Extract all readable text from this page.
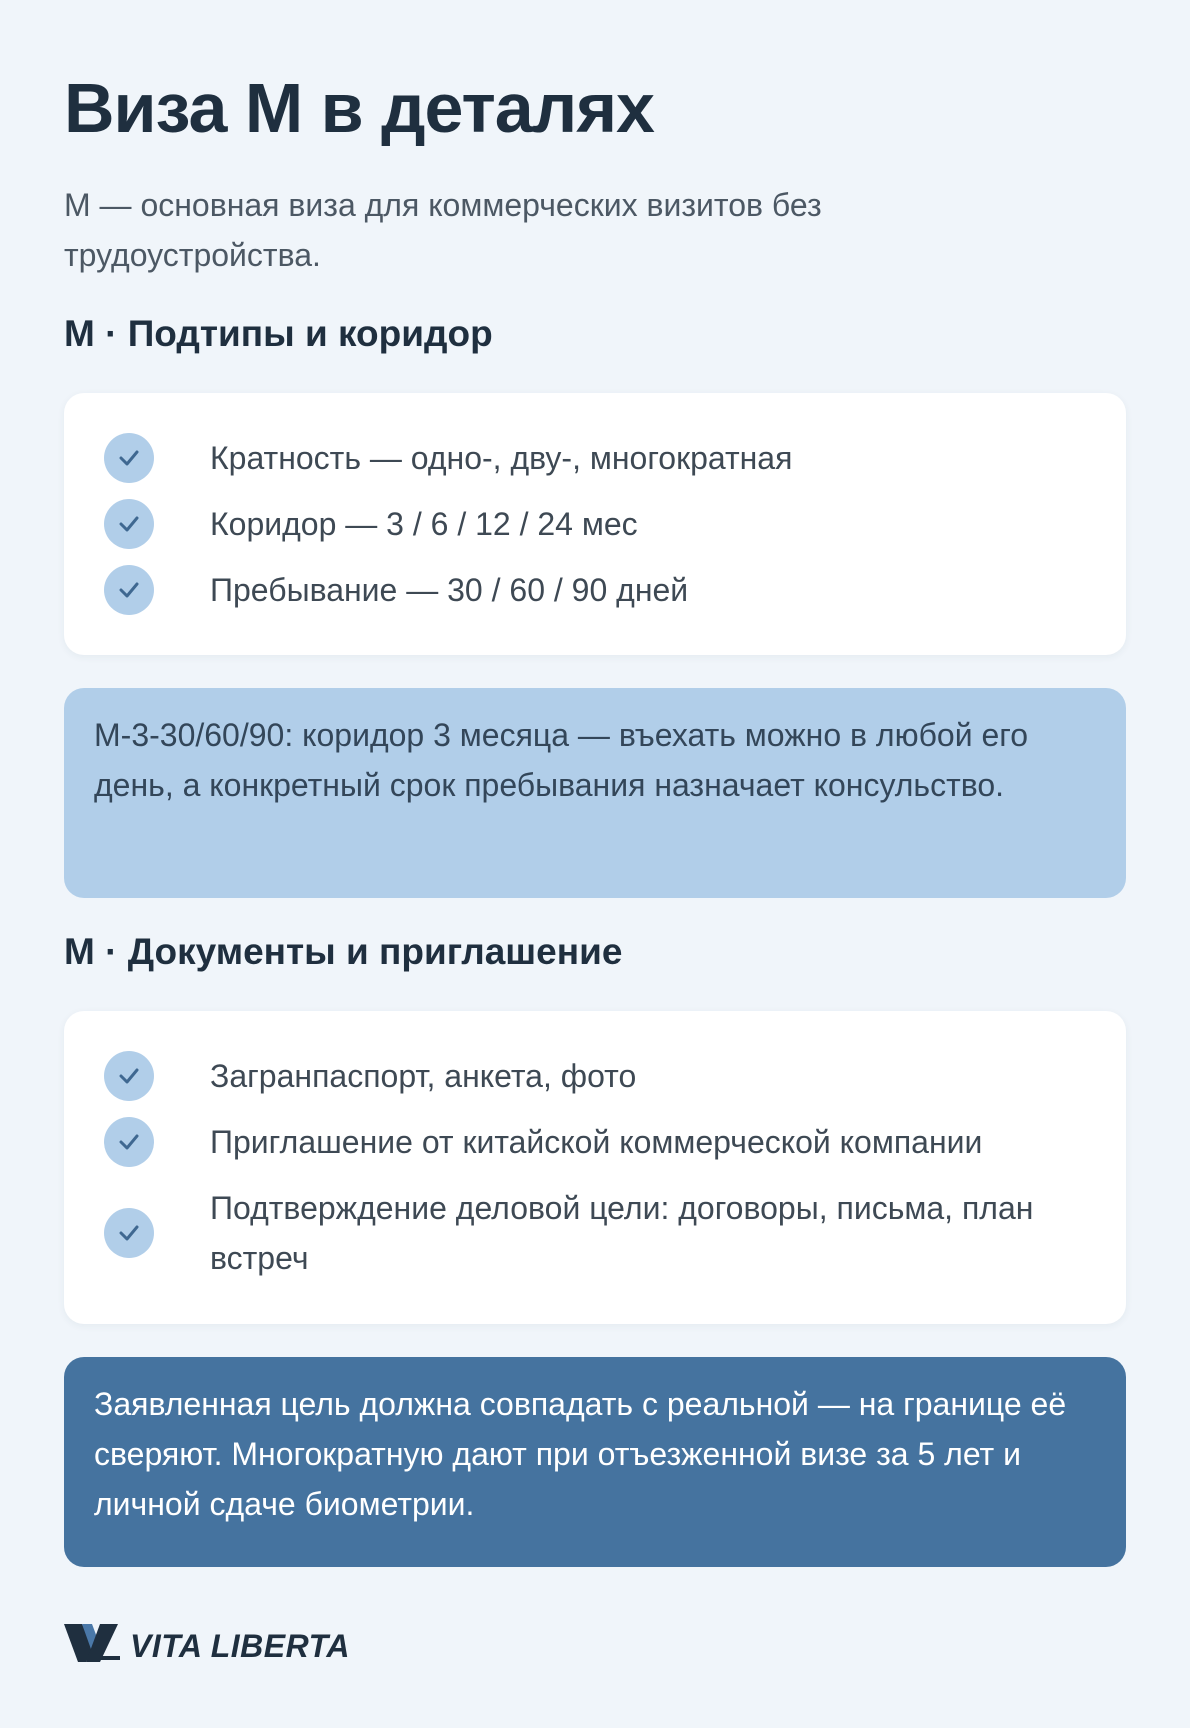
Виза M в деталях

M — основная виза для коммерческих визитов без трудоустройства.

M · Подтипы и коридор
Кратность — одно-, дву-, многократная
Коридор — 3 / 6 / 12 / 24 мес
Пребывание — 30 / 60 / 90 дней

M-3-30/60/90: коридор 3 месяца — въехать можно в любой его день, а конкретный срок пребывания назначает консульство.

M · Документы и приглашение
Загранпаспорт, анкета, фото
Приглашение от китайской коммерческой компании
Подтверждение деловой цели: договоры, письма, план встреч

Заявленная цель должна совпадать с реальной — на границе её сверяют. Многократную дают при отъезженной визе за 5 лет и личной сдаче биометрии.

VITA LIBERTA
